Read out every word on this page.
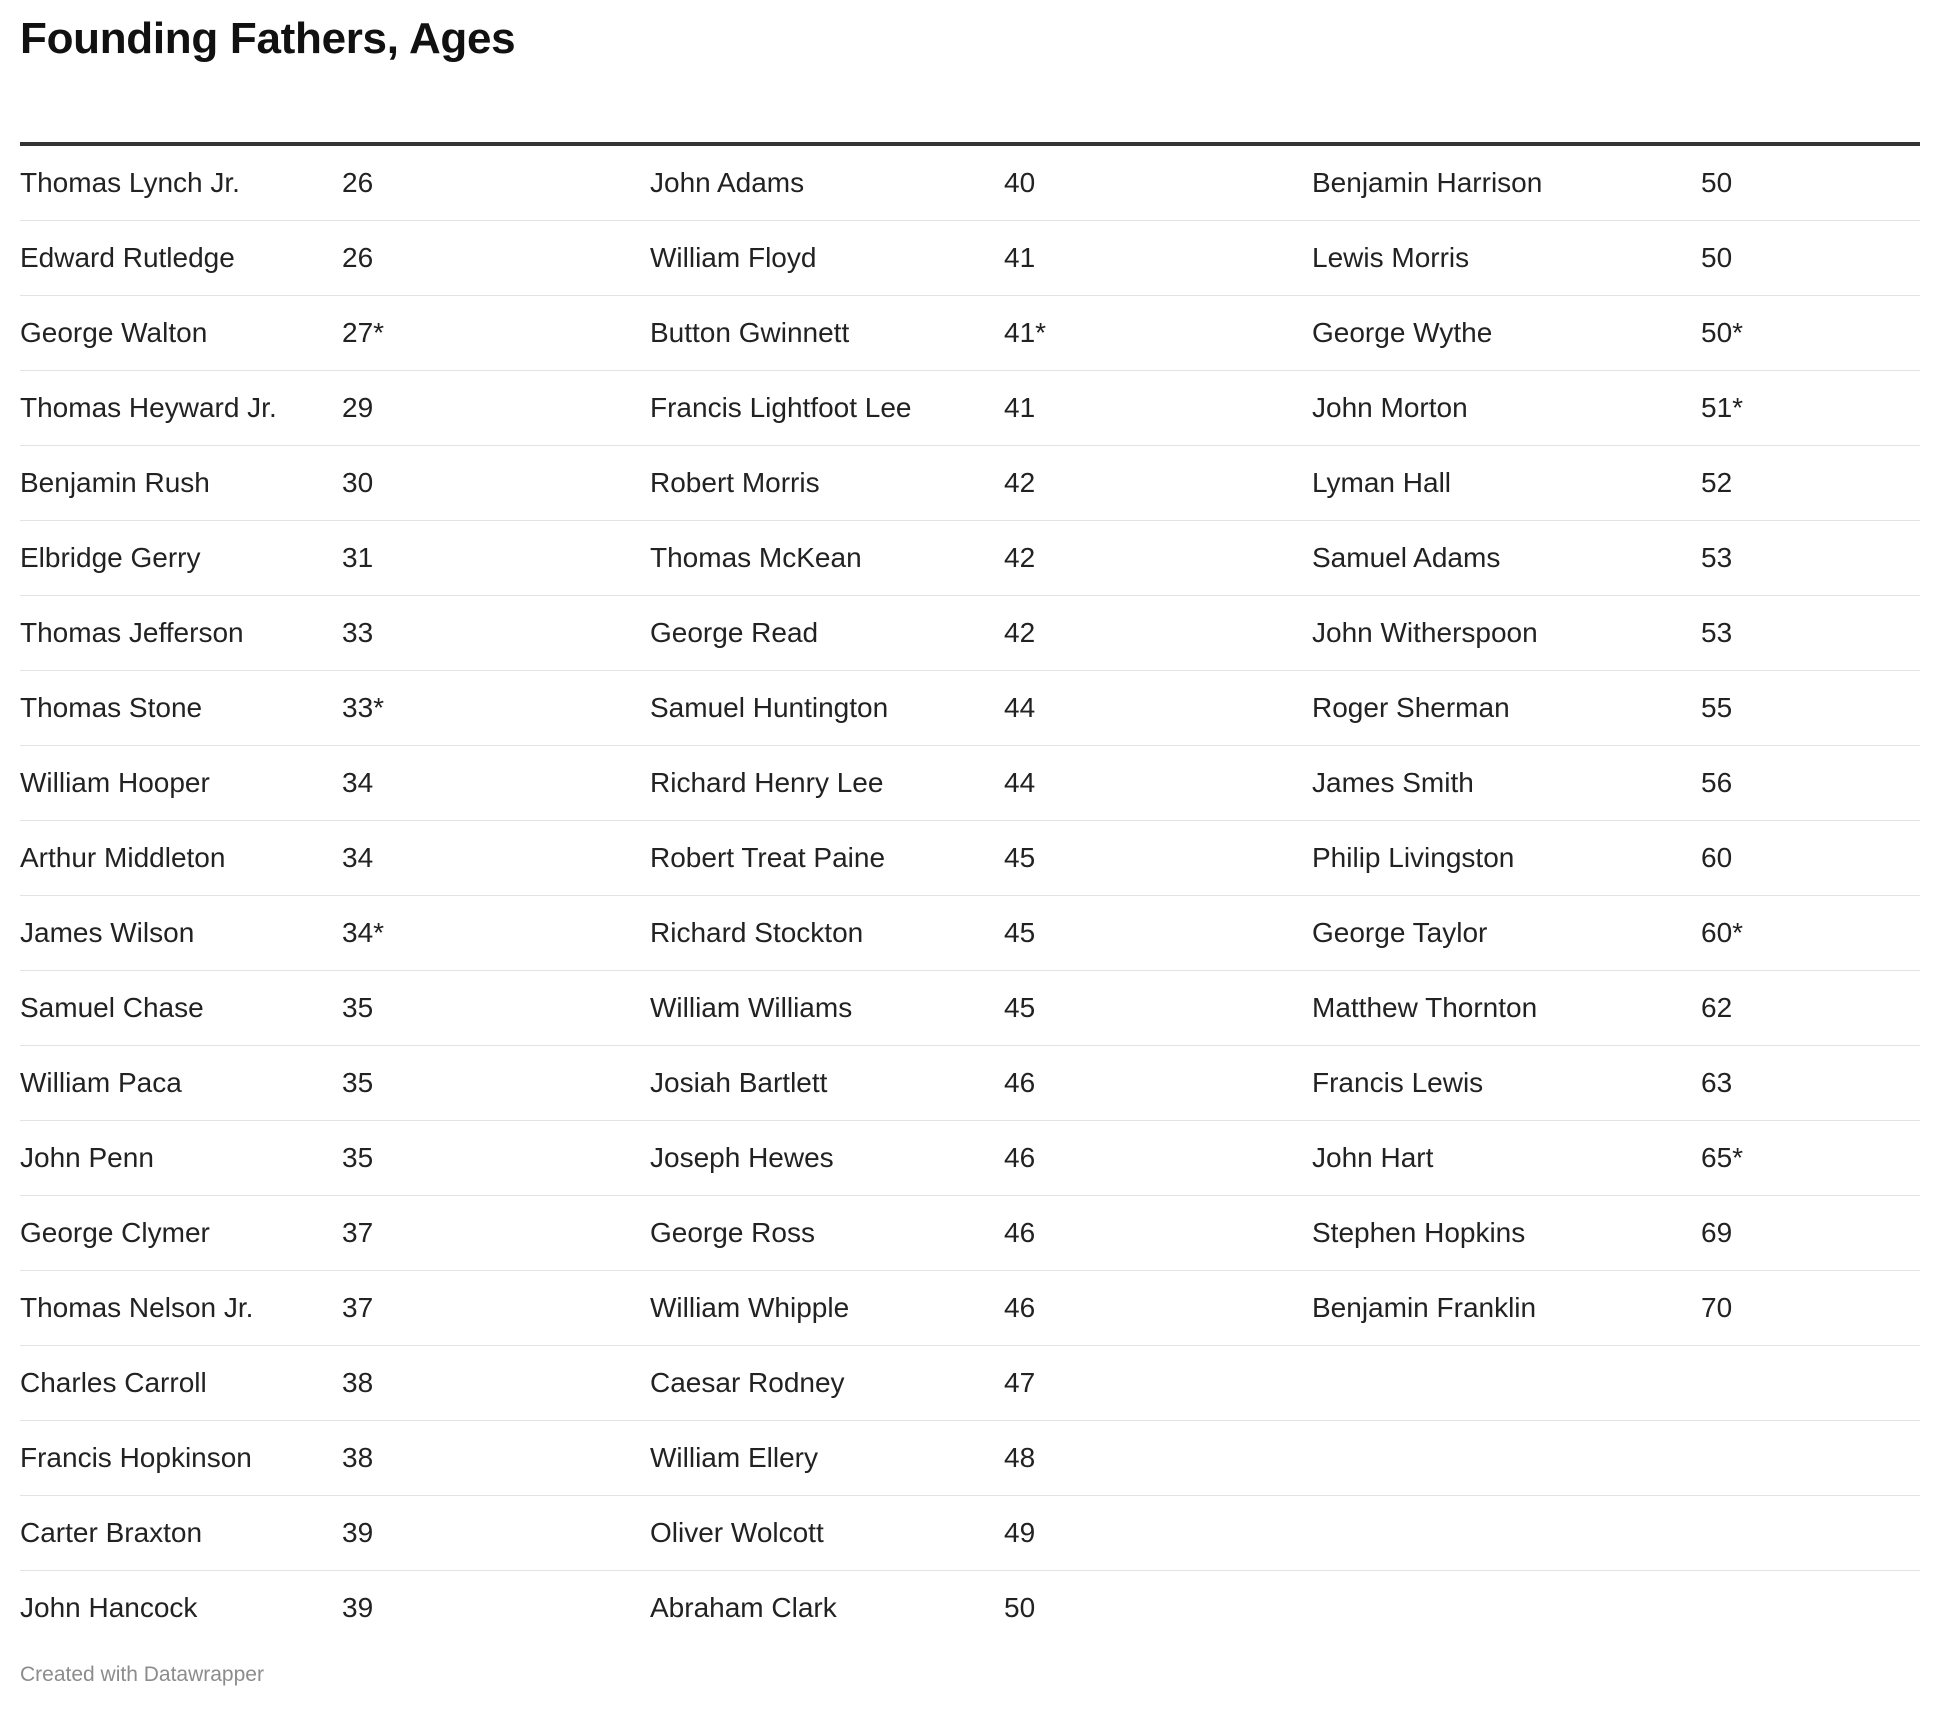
Founding Fathers, Ages
Thomas Lynch Jr.	26	John Adams	40	Benjamin Harrison	50
Edward Rutledge	26	William Floyd	41	Lewis Morris	50
George Walton	27*	Button Gwinnett	41*	George Wythe	50*
Thomas Heyward Jr. 29	Francis Lightfoot Lee	41	John Morton	51*
Benjamin Rush	30	Robert Morris	42	Lyman Hall	52
Elbridge Gerry	31	Thomas McKean	42	Samuel Adams	53
Thomas Jefferson	33	George Read	42	John Witherspoon	53
Thomas Stone	33*	Samuel Huntington	44	Roger Sherman	55
William Hooper	34	Richard Henry Lee	44	James Smith	56
Arthur Middleton	34	Robert Treat Paine	45	Philip Livingston	60
James Wilson	34*	Richard Stockton	45	George Taylor	60*
Samuel Chase	35	William Williams	45	Matthew Thornton	62
William Paca	35	Josiah Bartlett	46	Francis Lewis	63
John Penn	35	Joseph Hewes	46	John Hart	65*
George Clymer	37	George Ross	46	Stephen Hopkins	69
Thomas Nelson Jr.	37	William Whipple	46	Benjamin Franklin	70
Charles Carroll	38	Caesar Rodney	47
Francis Hopkinson	38	William Ellery	48
Carter Braxton	39	Oliver Wolcott	49
John Hancock	39	Abraham Clark	50
Created with Datawrapper
